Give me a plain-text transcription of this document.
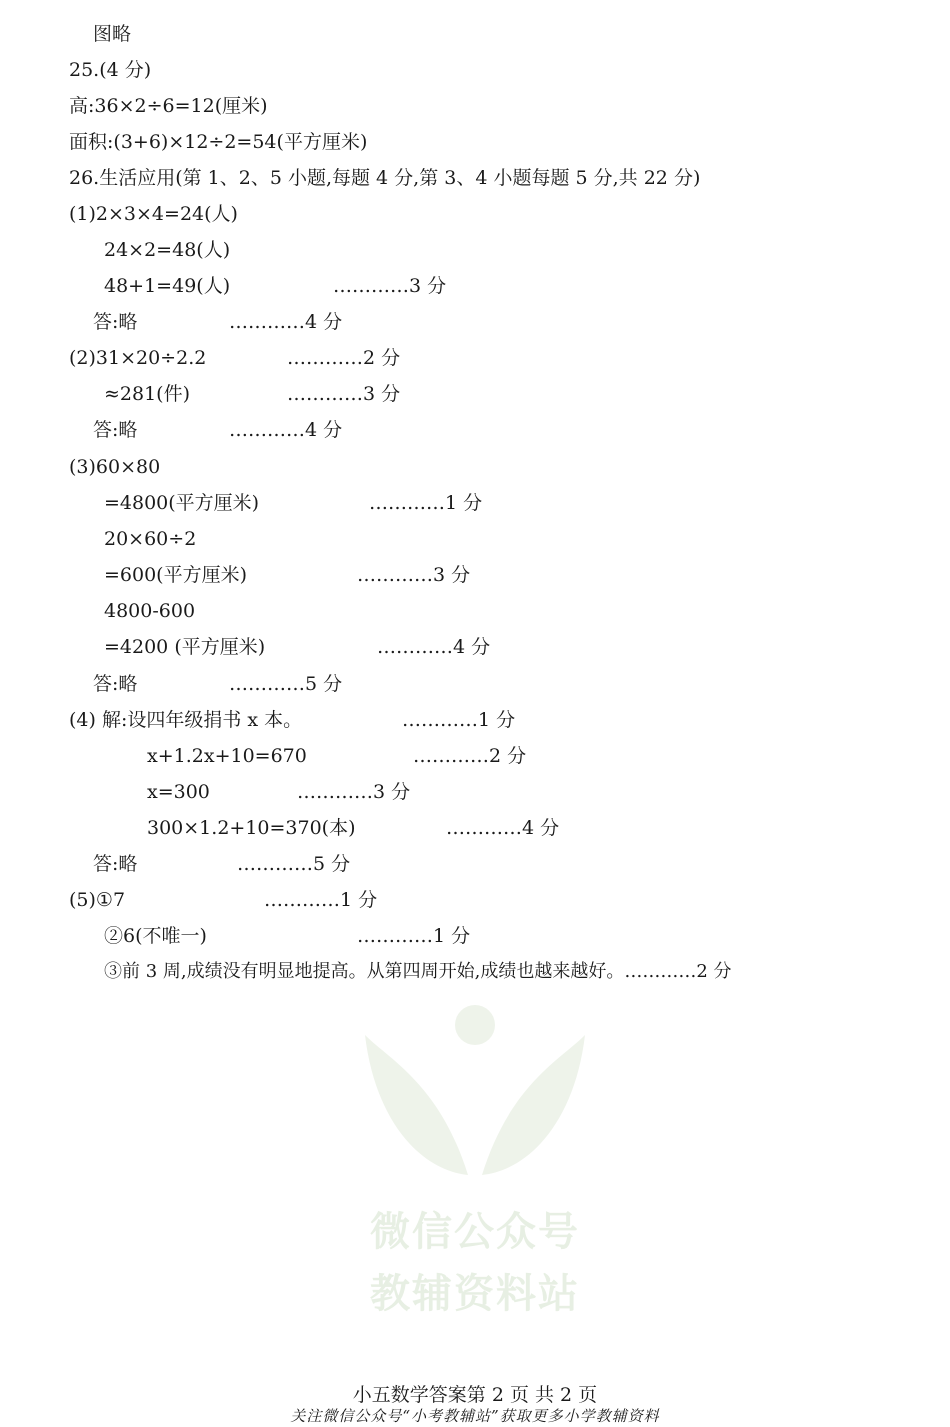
图略
25.(4 分)
高:36×2÷6=12(厘米)
面积:(3+6)×12÷2=54(平方厘米)
26.生活应用(第 1、2、5 小题,每题 4 分,第 3、4 小题每题 5 分,共 22 分)
(1)2×3×4=24(人)
24×2=48(人)
48+1=49(人)	…………3 分
答:略	…………4 分
(2)31×20÷2.2	…………2 分
≈281(件)	…………3 分
答:略	…………4 分
(3)60×80
=4800(平方厘米)	…………1 分
20×60÷2
=600(平方厘米)	…………3 分
4800-600
=4200 (平方厘米)	…………4 分
答:略	…………5 分
(4) 解:设四年级捐书 x 本。	…………1 分
x+1.2x+10=670	…………2 分
x=300	…………3 分
300×1.2+10=370(本)	…………4 分
答:略	…………5 分
(5)①7	…………1 分
②6(不唯一)	…………1 分
③前 3 周,成绩没有明显地提高。从第四周开始,成绩也越来越好。…………2 分
微信公众号
教辅资料站
小五数学答案第 2 页 共 2 页
关注微信公众号“小考教辅站”获取更多小学教辅资料
